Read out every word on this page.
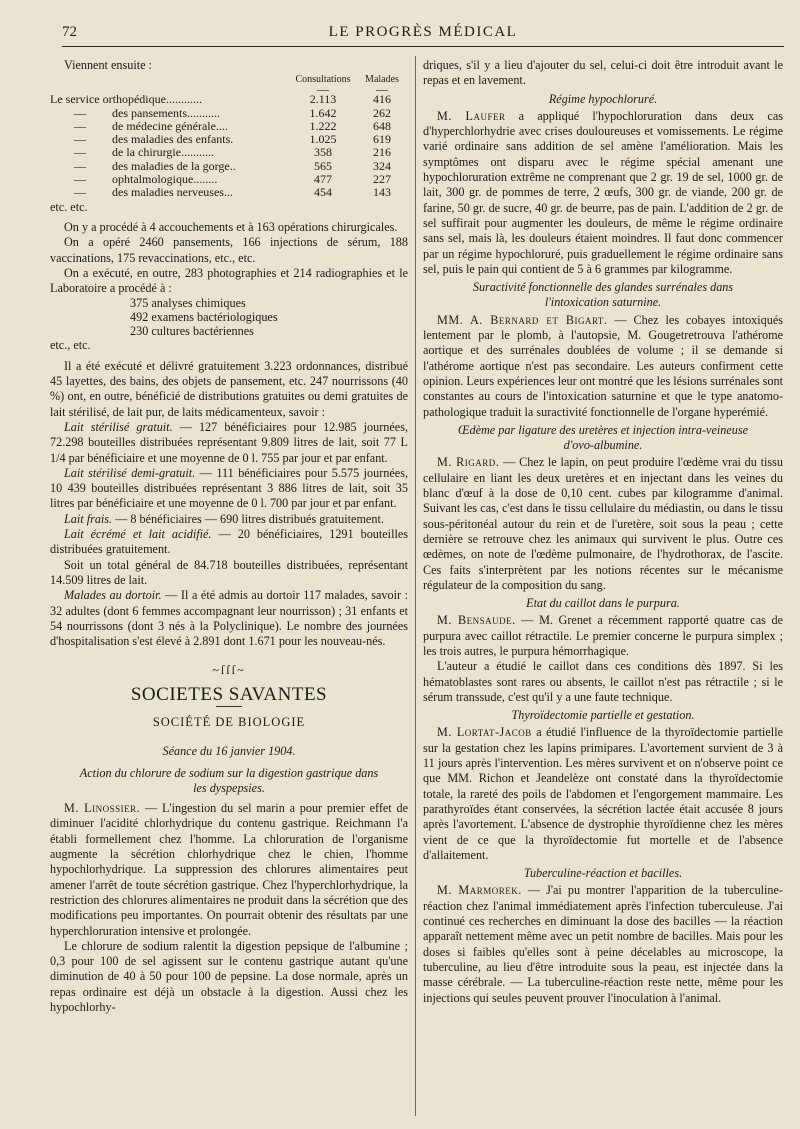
72	LE PROGRÈS MÉDICAL

Viennent ensuite :

	Consultations	Malades
	—	—
Le service orthopédique............	2.113	416
— des pansements...........	1.642	262
— de médecine générale....	1.222	648
— des maladies des enfants.	1.025	619
— de la chirurgie...........	358	216
— des maladies de la gorge..	565	324
— ophtalmologique........	477	227
— des maladies nerveuses...	454	143

etc. etc.

On y a procédé à 4 accouchements et à 163 opérations chirurgicales.

On a opéré 2460 pansements, 166 injections de sérum, 188 vaccinations, 175 revaccinations, etc., etc.

On a exécuté, en outre, 283 photographies et 214 radiographies et le Laboratoire a procédé à :

375 analyses chimiques
492 examens bactériologiques
230 cultures bactériennes

etc., etc.

Il a été exécuté et délivré gratuitement 3.223 ordonnances, distribué 45 layettes, des bains, des objets de pansement, etc. 247 nourrissons (40 %) ont, en outre, bénéficié de distributions gratuites ou demi gratuites de lait stérilisé, de lait pur, de laits médicamenteux, savoir :

Lait stérilisé gratuit. — 127 bénéficiaires pour 12.985 journées, 72.298 bouteilles distribuées représentant 9.809 litres de lait, soit 77 L 1/4 par bénéficiaire et une moyenne de 0 l. 755 par jour et par enfant.

Lait stérilisé demi-gratuit. — 111 bénéficiaires pour 5.575 journées, 10 439 bouteilles distribuées représentant 3 886 litres de lait, soit 35 litres par bénéficiaire et une moyenne de 0 l. 700 par jour et par enfant.

Lait frais. — 8 bénéficiaires — 690 litres distribués gratuitement.

Lait écrémé et lait acidifié. — 20 bénéficiaires, 1291 bouteilles distribuées gratuitement.

Soit un total général de 84.718 bouteilles distribuées, représentant 14.509 litres de lait.

Malades au dortoir. — Il a été admis au dortoir 117 malades, savoir : 32 adultes (dont 6 femmes accompagnant leur nourrisson) ; 31 enfants et 54 nourrissons (dont 3 nés à la Polyclinique). Le nombre des journées d'hospitalisation s'est élevé à 2.891 dont 1.671 pour les nouveau-nés.

~ſſſ~
SOCIETES SAVANTES
SOCIÉTÉ DE BIOLOGIE
Séance du 16 janvier 1904.
Action du chlorure de sodium sur la digestion gastrique dans les dyspepsies.

M. Linossier. — L'ingestion du sel marin a pour premier effet de diminuer l'acidité chlorhydrique du contenu gastrique. Reichmann l'a établi formellement chez l'homme. La chloruration de l'organisme augmente la sécrétion chlorhydrique chez le chien, l'homme hypochlorhydrique. La suppression des chlorures alimentaires peut amener l'arrêt de toute sécrétion gastrique. Chez l'hyperchlorhydrique, la restriction des chlorures alimentaires ne produit dans la sécrétion que des modifications peu importantes. On pourrait obtenir des résultats par une hyperchloruration intensive et prolongée.

Le chlorure de sodium ralentit la digestion pepsique de l'albumine ; 0,3 pour 100 de sel agissent sur le contenu gastrique autant qu'une diminution de 40 à 50 pour 100 de pepsine. La dose normale, après un repas ordinaire est déjà un obstacle à la digestion. Aussi chez les hypochlorhy-

driques, s'il y a lieu d'ajouter du sel, celui-ci doit être introduit avant le repas et en lavement.

Régime hypochloruré.

M. Laufer a appliqué l'hypochloruration dans deux cas d'hyperchlorhydrie avec crises douloureuses et vomissements. Le régime varié ordinaire sans addition de sel amène l'amélioration. Mais les symptômes ont disparu avec le régime spécial amenant une hypochloruration extrême ne comprenant que 2 gr. 19 de sel, 1000 gr. de lait, 300 gr. de pommes de terre, 2 œufs, 300 gr. de viande, 200 gr. de farine, 50 gr. de sucre, 40 gr. de beurre, pas de pain. L'addition de 2 gr. de sel suffirait pour augmenter les douleurs, de même le régime ordinaire sans sel, mais là, les douleurs étaient moindres. Il faut donc commencer par un régime hypochloruré, puis graduellement le régime ordinaire sans sel, puis le pain qui contient de 5 à 6 grammes par kilogramme.

Suractivité fonctionnelle des glandes surrénales dans l'intoxication saturnine.

MM. A. Bernard et Bigart. — Chez les cobayes intoxiqués lentement par le plomb, à l'autopsie, M. Gougetretrouva l'athérome aortique et des surrénales doublées de volume ; il se demande si l'athérome aortique n'est pas secondaire. Les auteurs confirment cette opinion. Leurs expériences leur ont montré que les lésions surrénales sont constantes au cours de l'intoxication saturnine et que le type anatomo-pathologique traduit la suractivité fonctionnelle de l'organe hyperémié.

Œdème par ligature des uretères et injection intra-veineuse d'ovo-albumine.

M. Rigard. — Chez le lapin, on peut produire l'œdème vrai du tissu cellulaire en liant les deux uretères et en injectant dans les veines du blanc d'œuf à la dose de 0,10 cent. cubes par kilogramme d'animal. Suivant les cas, c'est dans le tissu cellulaire du médiastin, ou dans le tissu sous-péritonéal autour du rein et de l'uretère, soit sous la peau ; cette dernière se retrouve chez les animaux qui survivent le plus. Outre ces œdèmes, on note de l'œdème pulmonaire, de l'hydrothorax, de l'ascite. Ces faits s'interprètent par les notions récentes sur le mécanisme régulateur de la composition du sang.

Etat du caillot dans le purpura.

M. Bensaude. — M. Grenet a récemment rapporté quatre cas de purpura avec caillot rétractile. Le premier concerne le purpura simplex ; les trois autres, le purpura hémorrhagique.

L'auteur a étudié le caillot dans ces conditions dès 1897. Si les hématoblastes sont rares ou absents, le caillot n'est pas rétractile ; si le sérum transsude, c'est qu'il y a une faute technique.

Thyroïdectomie partielle et gestation.

M. Lortat-Jacob a étudié l'influence de la thyroïdectomie partielle sur la gestation chez les lapins primipares. L'avortement survient de 3 à 11 jours après l'intervention. Les mères survivent et on n'observe point ce que MM. Richon et Jeandelèze ont constaté dans la thyroïdectomie totale, la rareté des poils de l'abdomen et l'engorgement mammaire. Les parathyroïdes étant conservées, la sécrétion lactée était accusée 8 jours après l'avortement. L'absence de dystrophie thyroïdienne chez les mères vient de ce que la thyroïdectomie fut mortelle et de l'absence d'allaitement.

Tuberculine-réaction et bacilles.

M. Marmorek. — J'ai pu montrer l'apparition de la tuberculine-réaction chez l'animal immédiatement après l'infection tuberculeuse. J'ai continué ces recherches en diminuant la dose des bacilles — la réaction apparaît nettement même avec un petit nombre de bacilles. Mais pour les doses si faibles qu'elles sont à peine décelables au microscope, la tuberculine, au lieu d'être introduite sous la peau, est injectée dans la masse cérébrale. — La tuberculine-réaction reste nette, même pour les injections qui seules peuvent prouver l'inoculation à l'animal.
